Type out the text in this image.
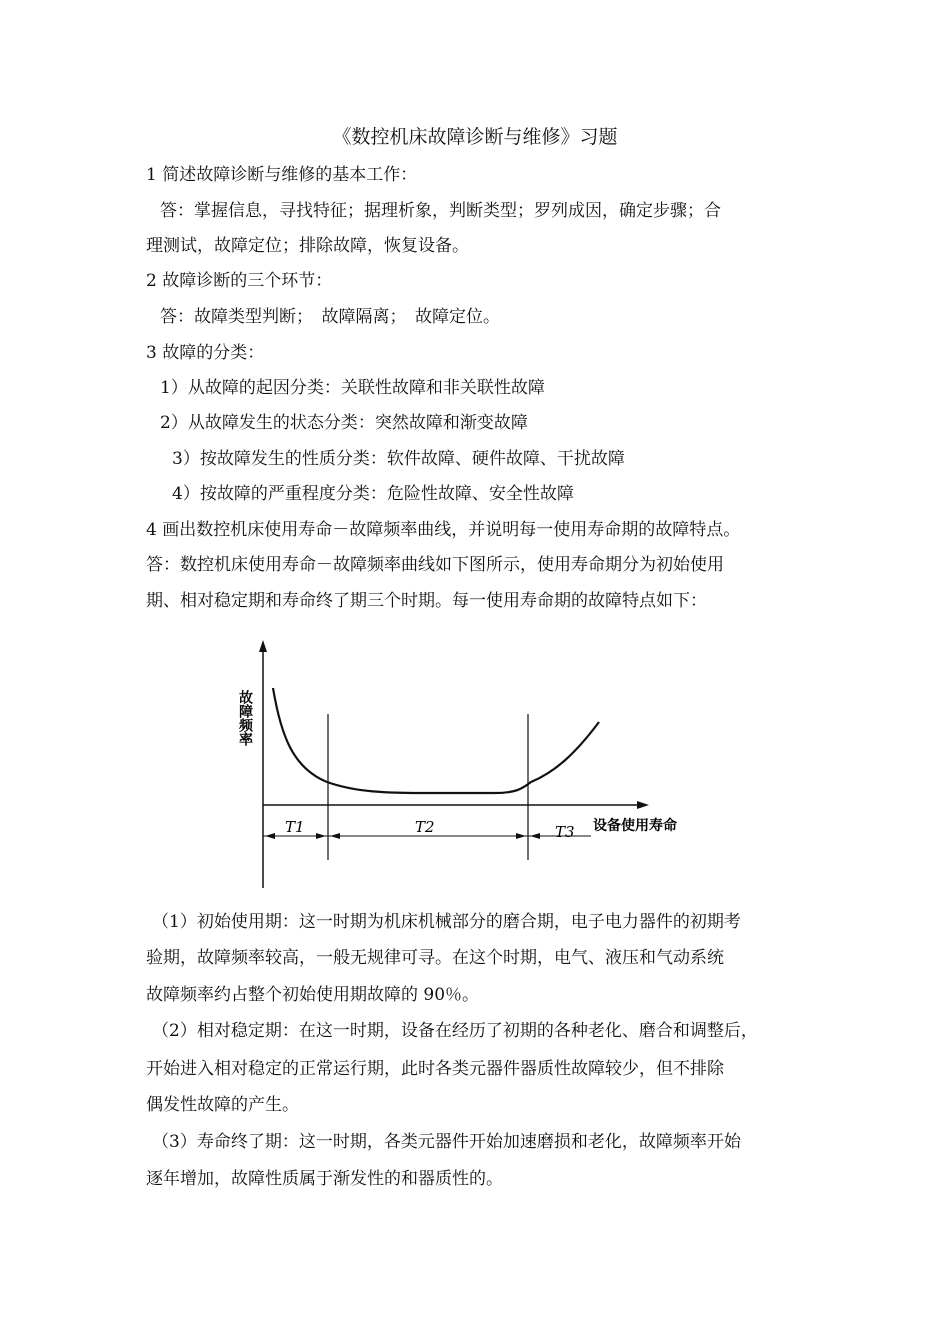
《数控机床故障诊断与维修》习题
1 简述故障诊断与维修的基本工作：
答：掌握信息，寻找特征；据理析象，判断类型；罗列成因，确定步骤；合
理测试，故障定位；排除故障，恢复设备。
2 故障诊断的三个环节：
答：故障类型判断；　故障隔离；　故障定位。
3 故障的分类：
1）从故障的起因分类：关联性故障和非关联性故障
2）从故障发生的状态分类：突然故障和渐变故障
3）按故障发生的性质分类：软件故障、硬件故障、干扰故障
4）按故障的严重程度分类：危险性故障、安全性故障
4 画出数控机床使用寿命－故障频率曲线，并说明每一使用寿命期的故障特点。
答：数控机床使用寿命－故障频率曲线如下图所示，使用寿命期分为初始使用
期、相对稳定期和寿命终了期三个时期。每一使用寿命期的故障特点如下：
故障频率
设备使用寿命
T1	T2	T3
（1）初始使用期：这一时期为机床机械部分的磨合期，电子电力器件的初期考
验期，故障频率较高，一般无规律可寻。在这个时期，电气、液压和气动系统
故障频率约占整个初始使用期故障的 90％。
（2）相对稳定期：在这一时期，设备在经历了初期的各种老化、磨合和调整后，
开始进入相对稳定的正常运行期，此时各类元器件器质性故障较少，但不排除
偶发性故障的产生。
（3）寿命终了期：这一时期，各类元器件开始加速磨损和老化，故障频率开始
逐年增加，故障性质属于渐发性的和器质性的。
